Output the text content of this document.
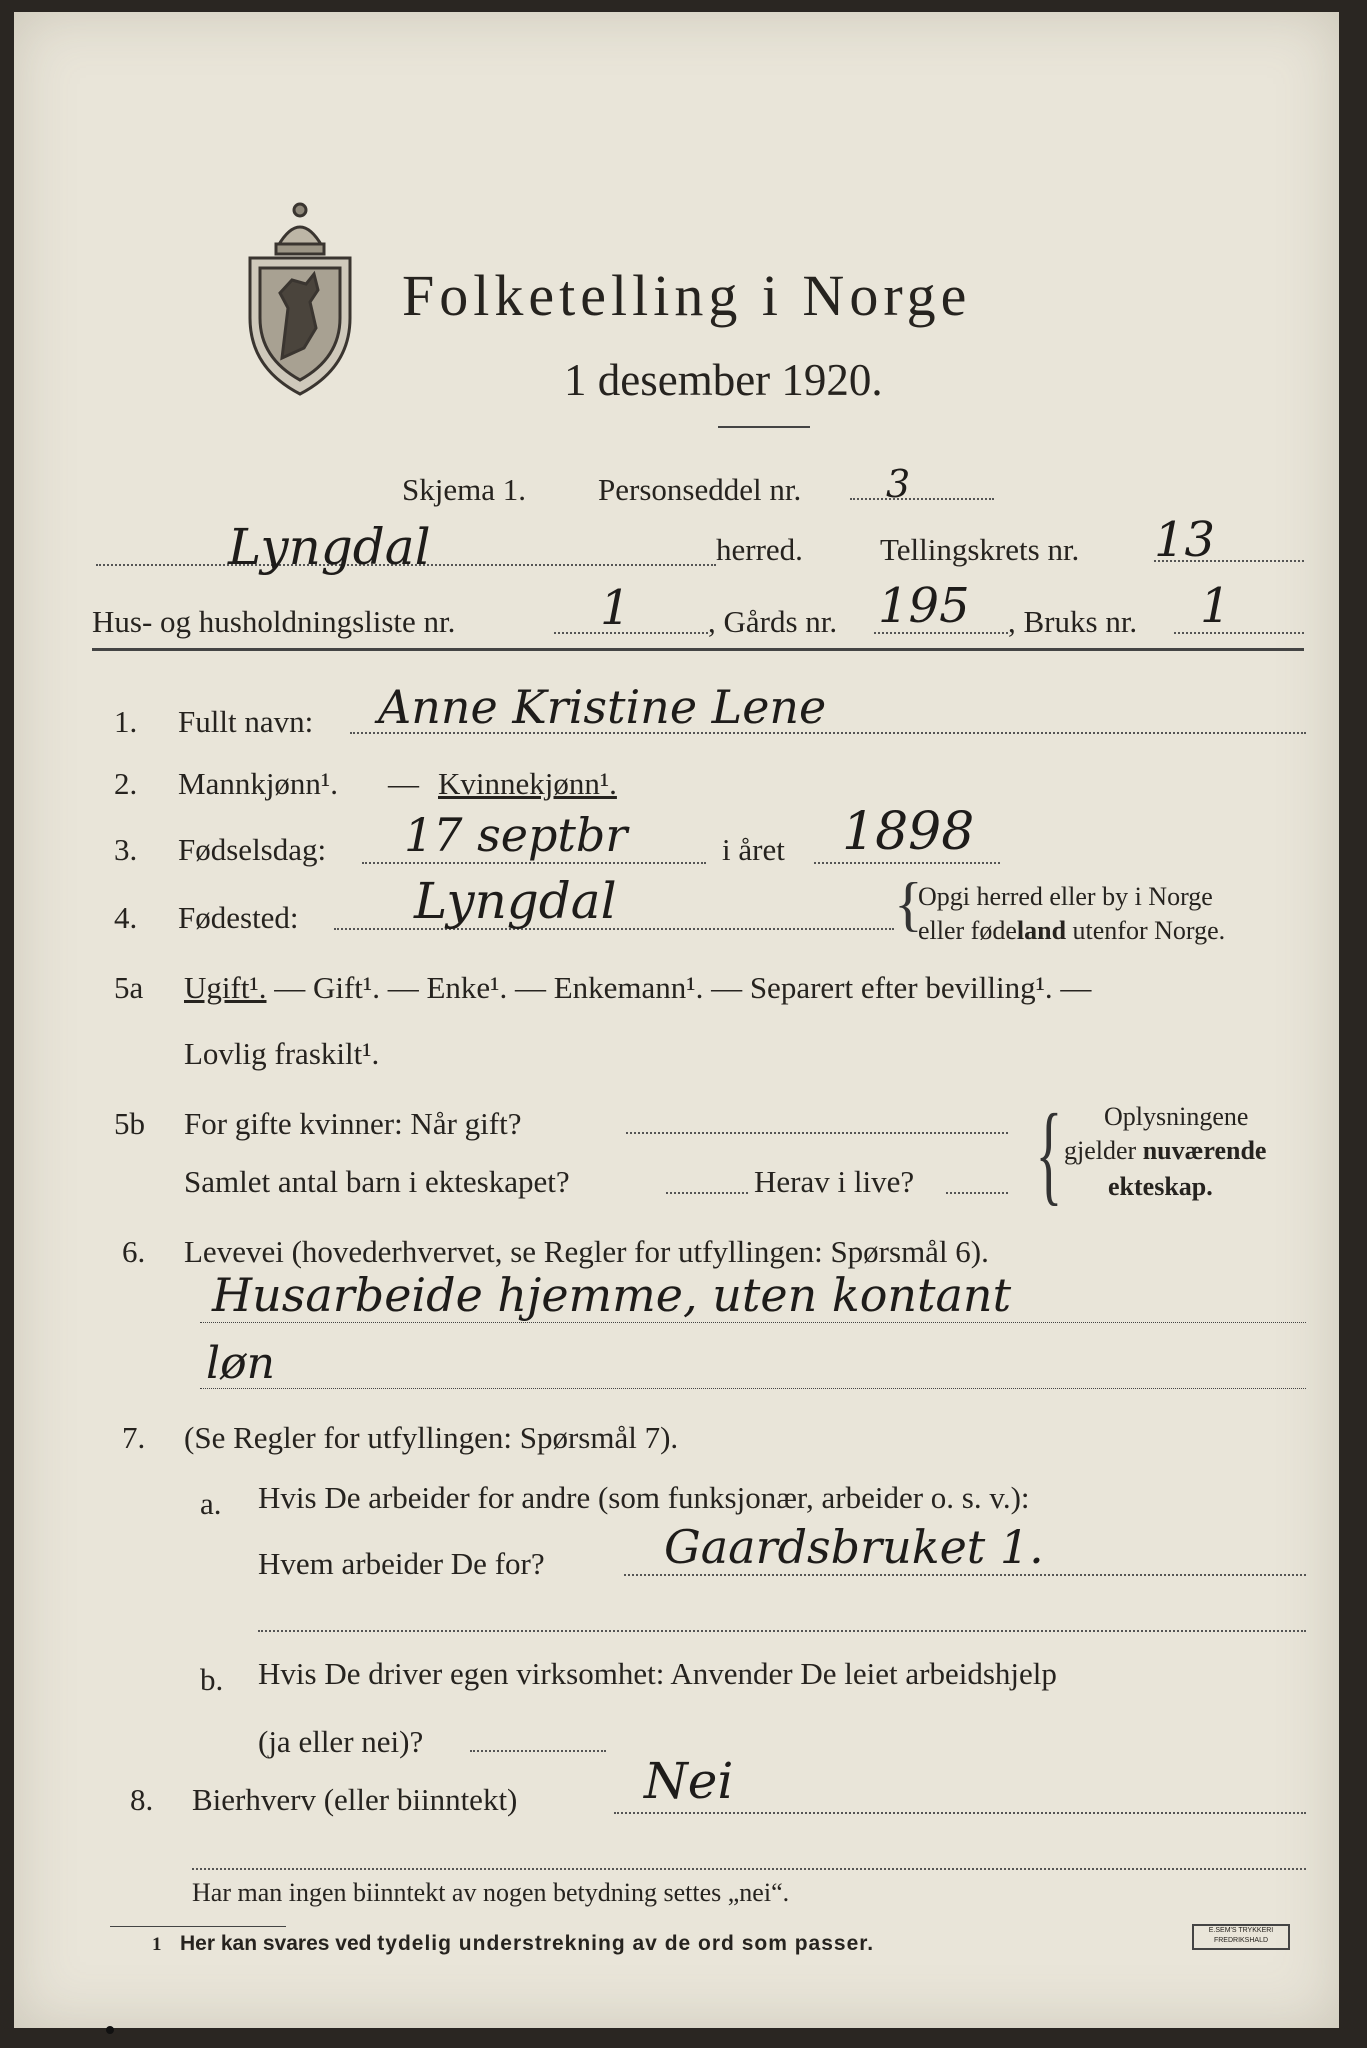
Folketelling i Norge
1 desember 1920.
Skjema 1. Personseddel nr. 3
Lyngdal	herred. Tellingskrets nr. 13
Hus- og husholdningsliste nr.	1 , Gårds nr. 195 , Bruks nr. 1
1. Fullt navn: Anne Kristine Lene
2. Mannkjønn¹. — Kvinnekjønn¹.
3. Fødselsdag: 17 septbr	i året 1898
4. Fødested: Lyngdal	{
Opgi herred eller by i Norge
eller fødeland utenfor Norge.
5a Ugift¹. — Gift¹. — Enke¹. — Enkemann¹. — Separert efter bevilling¹. —
Lovlig fraskilt¹.
5b For gifte kvinner: Når gift?
Samlet antal barn i ekteskapet?	Herav i live? { Oplysningene
gjelder nuværende
ekteskap.
6. Levevei (hovederhvervet, se Regler for utfyllingen: Spørsmål 6).
Husarbeide hjemme, uten kontant
løn
7. (Se Regler for utfyllingen: Spørsmål 7).
a. Hvis De arbeider for andre (som funksjonær, arbeider o. s. v.):
Hvem arbeider De for?	Gaardsbruket 1.
b. Hvis De driver egen virksomhet: Anvender De leiet arbeidshjelp
(ja eller nei)?
8. Bierhverv (eller biinntekt)	Nei
Har man ingen biinntekt av nogen betydning settes „nei“.
1 Her kan svares ved tydelig understrekning av de ord som passer.
E.SEM'S TRYKKERI FREDRIKSHALD
